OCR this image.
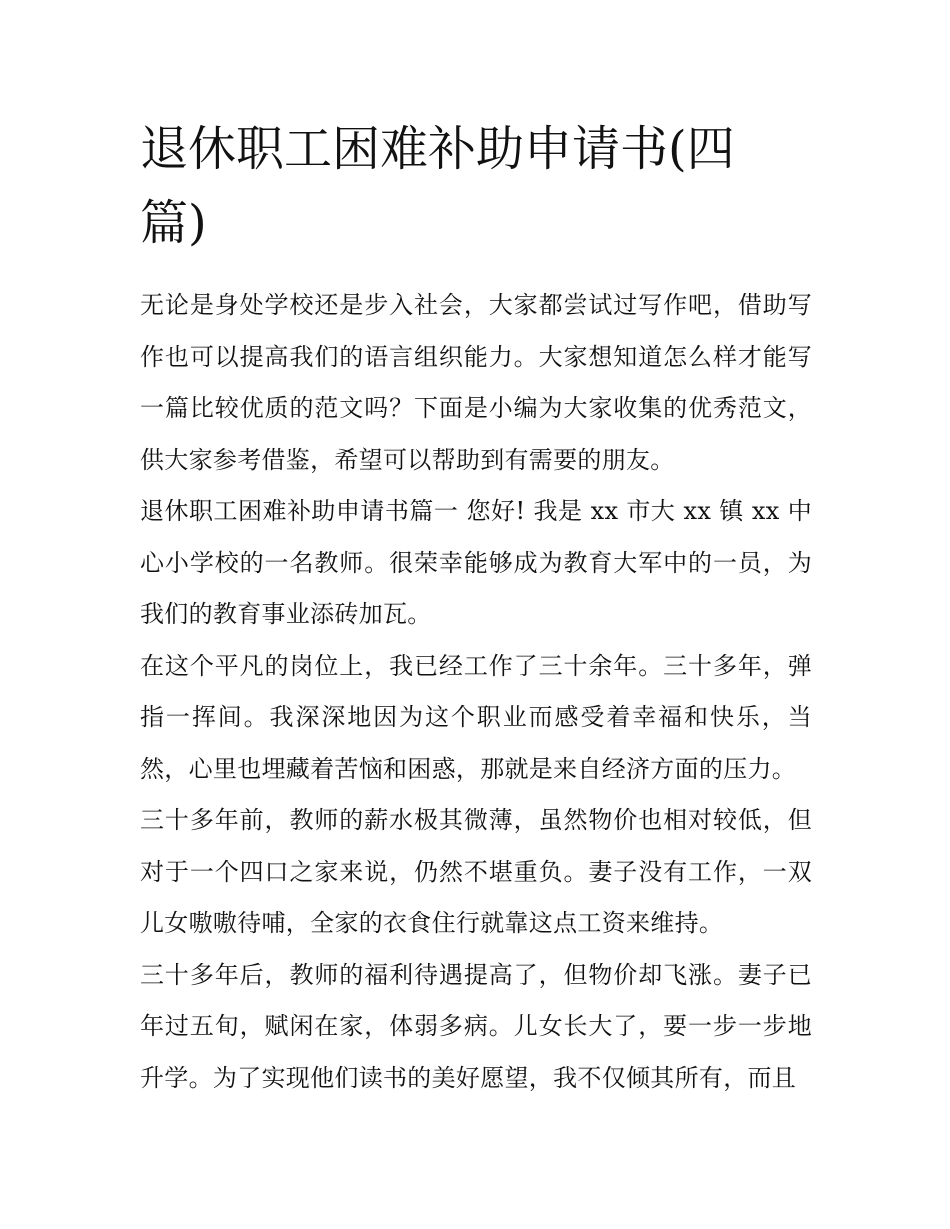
退休职工困难补助申请书(四篇)

无论是身处学校还是步入社会，大家都尝试过写作吧，借助写作也可以提高我们的语言组织能力。大家想知道怎么样才能写一篇比较优质的范文吗？下面是小编为大家收集的优秀范文，供大家参考借鉴，希望可以帮助到有需要的朋友。

退休职工困难补助申请书篇一 您好! 我是 xx 市大 xx 镇 xx 中心小学校的一名教师。很荣幸能够成为教育大军中的一员，为我们的教育事业添砖加瓦。

在这个平凡的岗位上，我已经工作了三十余年。三十多年，弹指一挥间。我深深地因为这个职业而感受着幸福和快乐，当然，心里也埋藏着苦恼和困惑，那就是来自经济方面的压力。

三十多年前，教师的薪水极其微薄，虽然物价也相对较低，但对于一个四口之家来说，仍然不堪重负。妻子没有工作，一双儿女嗷嗷待哺，全家的衣食住行就靠这点工资来维持。

三十多年后，教师的福利待遇提高了，但物价却飞涨。妻子已年过五旬，赋闲在家，体弱多病。儿女长大了，要一步一步地升学。为了实现他们读书的美好愿望，我不仅倾其所有，而且
